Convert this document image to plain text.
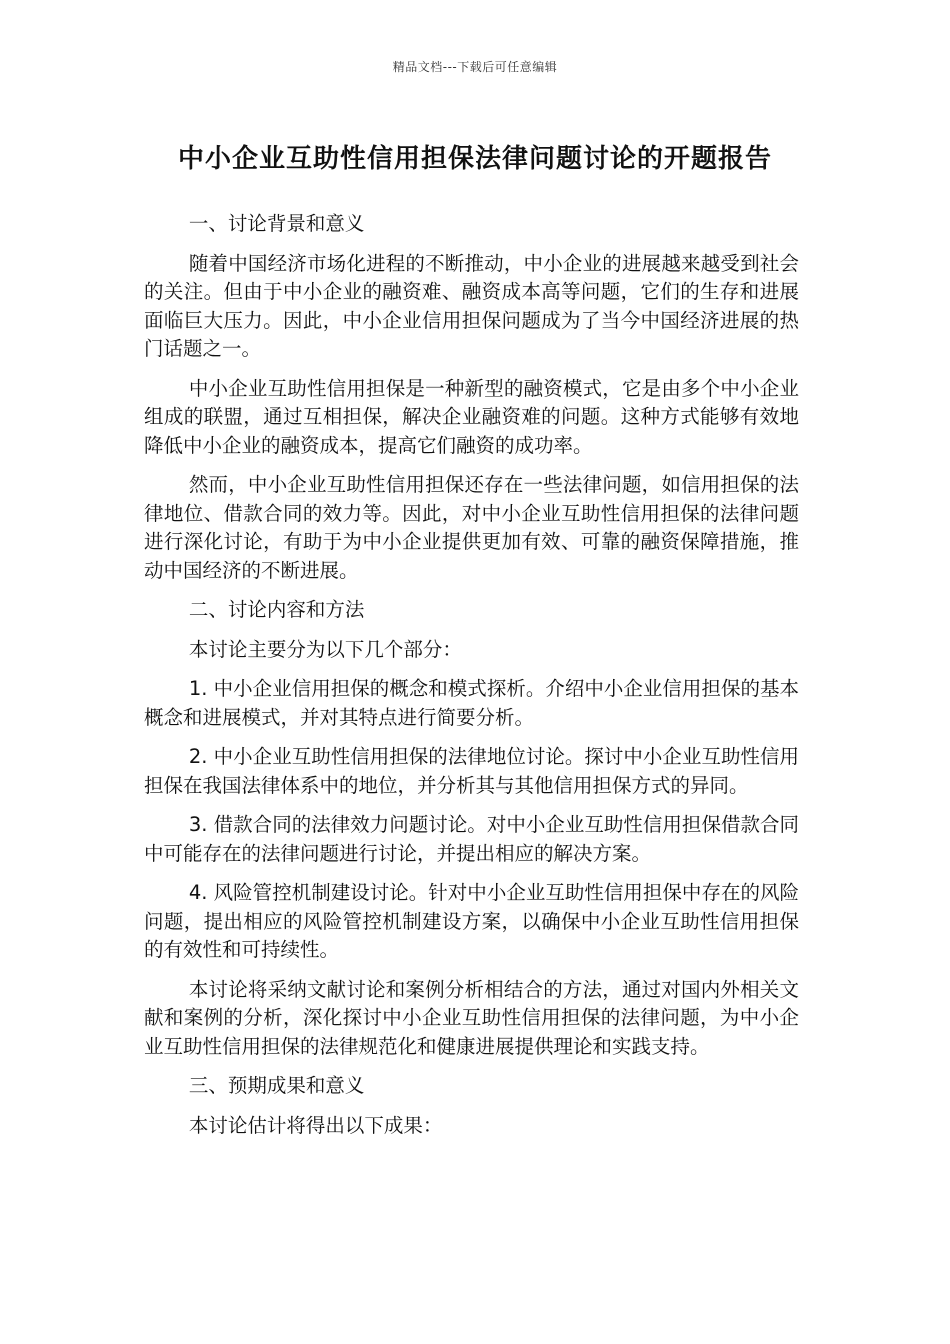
精品文档---下载后可任意编辑
中小企业互助性信用担保法律问题讨论的开题报告

一、讨论背景和意义

随着中国经济市场化进程的不断推动，中小企业的进展越来越受到社会的关注。但由于中小企业的融资难、融资成本高等问题，它们的生存和进展面临巨大压力。因此，中小企业信用担保问题成为了当今中国经济进展的热门话题之一。

中小企业互助性信用担保是一种新型的融资模式，它是由多个中小企业组成的联盟，通过互相担保，解决企业融资难的问题。这种方式能够有效地降低中小企业的融资成本，提高它们融资的成功率。

然而，中小企业互助性信用担保还存在一些法律问题，如信用担保的法律地位、借款合同的效力等。因此，对中小企业互助性信用担保的法律问题进行深化讨论，有助于为中小企业提供更加有效、可靠的融资保障措施，推动中国经济的不断进展。

二、讨论内容和方法

本讨论主要分为以下几个部分：

1. 中小企业信用担保的概念和模式探析。介绍中小企业信用担保的基本概念和进展模式，并对其特点进行简要分析。

2. 中小企业互助性信用担保的法律地位讨论。探讨中小企业互助性信用担保在我国法律体系中的地位，并分析其与其他信用担保方式的异同。

3. 借款合同的法律效力问题讨论。对中小企业互助性信用担保借款合同中可能存在的法律问题进行讨论，并提出相应的解决方案。

4. 风险管控机制建设讨论。针对中小企业互助性信用担保中存在的风险问题，提出相应的风险管控机制建设方案，以确保中小企业互助性信用担保的有效性和可持续性。

本讨论将采纳文献讨论和案例分析相结合的方法，通过对国内外相关文献和案例的分析，深化探讨中小企业互助性信用担保的法律问题，为中小企业互助性信用担保的法律规范化和健康进展提供理论和实践支持。

三、预期成果和意义

本讨论估计将得出以下成果：
